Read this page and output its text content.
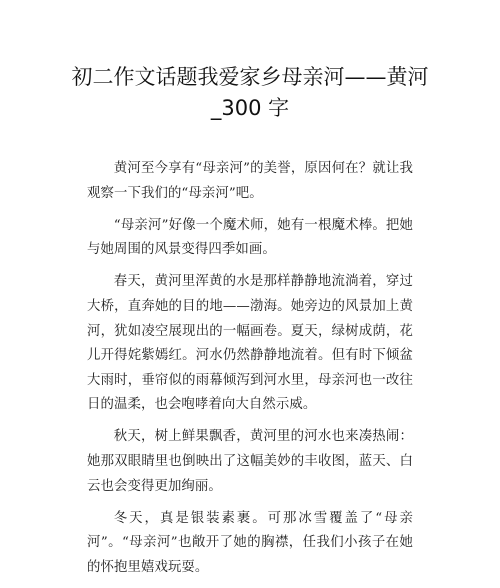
初二作文话题我爱家乡母亲河——黄河_300 字

黄河至今享有“母亲河”的美誉，原因何在？就让我观察一下我们的“母亲河”吧。

“母亲河”好像一个魔术师，她有一根魔术棒。把她与她周围的风景变得四季如画。

春天，黄河里浑黄的水是那样静静地流淌着，穿过大桥，直奔她的目的地——渤海。她旁边的风景加上黄河，犹如凌空展现出的一幅画卷。夏天，绿树成荫，花儿开得姹紫嫣红。河水仍然静静地流着。但有时下倾盆大雨时，垂帘似的雨幕倾泻到河水里，母亲河也一改往日的温柔，也会咆哮着向大自然示威。

秋天，树上鲜果飘香，黄河里的河水也来凑热闹：她那双眼睛里也倒映出了这幅美妙的丰收图，蓝天、白云也会变得更加绚丽。

冬天，真是银装素裹。可那冰雪覆盖了“母亲河”。“母亲河”也敞开了她的胸襟，任我们小孩子在她的怀抱里嬉戏玩耍。
